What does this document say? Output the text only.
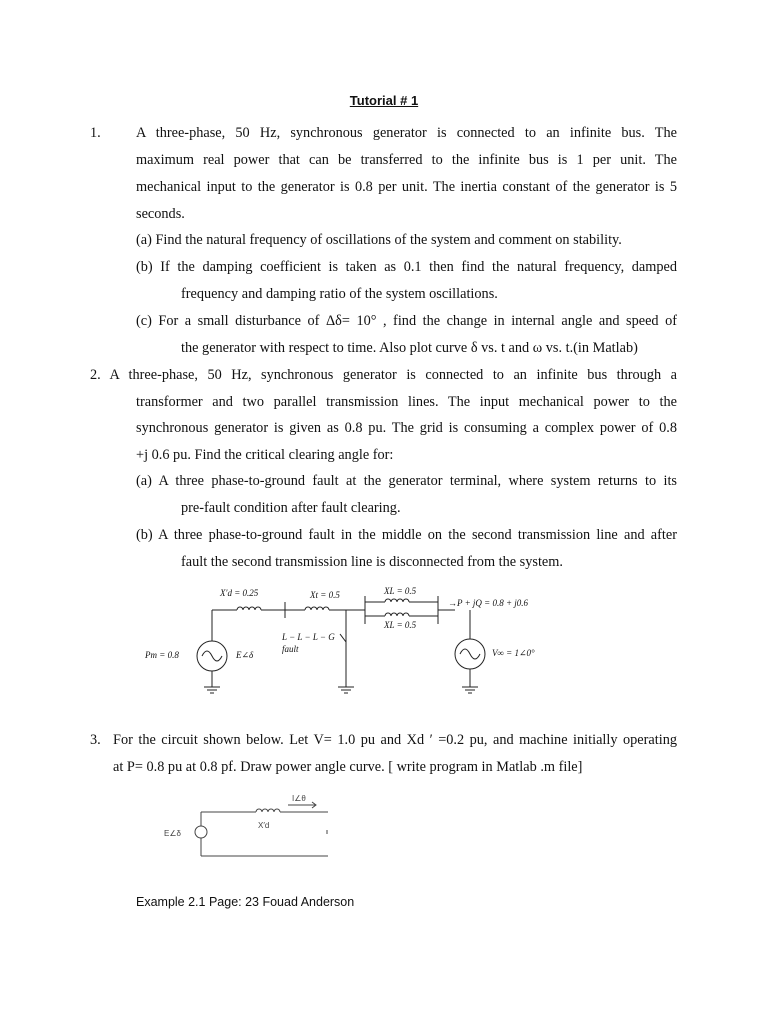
Tutorial # 1
1. A three-phase, 50 Hz, synchronous generator is connected to an infinite bus. The
maximum real power that can be transferred to the infinite bus is 1 per unit. The
mechanical input to the generator is 0.8 per unit. The inertia constant of the generator is 5
seconds.
(a) Find the natural frequency of oscillations of the system and comment on stability.
(b) If the damping coefficient is taken as 0.1 then find the natural frequency, damped
frequency and damping ratio of the system oscillations.
(c) For a small disturbance of Δδ= 10° , find the change in internal angle and speed of
the generator with respect to time. Also plot curve δ vs. t and ω vs. t.(in Matlab)
2. A three-phase, 50 Hz, synchronous generator is connected to an infinite bus through a
transformer and two parallel transmission lines. The input mechanical power to the
synchronous generator is given as 0.8 pu. The grid is consuming a complex power of 0.8
+j 0.6 pu. Find the critical clearing angle for:
(a) A three phase-to-ground fault at the generator terminal, where system returns to its
pre-fault condition after fault clearing.
(b) A three phase-to-ground fault in the middle on the second transmission line and after
fault the second transmission line is disconnected from the system.
X′d = 0.25	Xt = 0.5	XL = 0.5
XL = 0.5
→P + jQ = 0.8 + j0.6
Pm = 0.8	E∠δ
L − L − L − G
fault	V∞ = 1∠0°
3. For the circuit shown below. Let V= 1.0 pu and Xd ′ =0.2 pu, and machine initially operating
at P= 0.8 pu at 0.8 pf. Draw power angle curve. [ write program in Matlab .m file]
I∠θ
E∠δ
X′d
Example 2.1 Page: 23 Fouad Anderson
